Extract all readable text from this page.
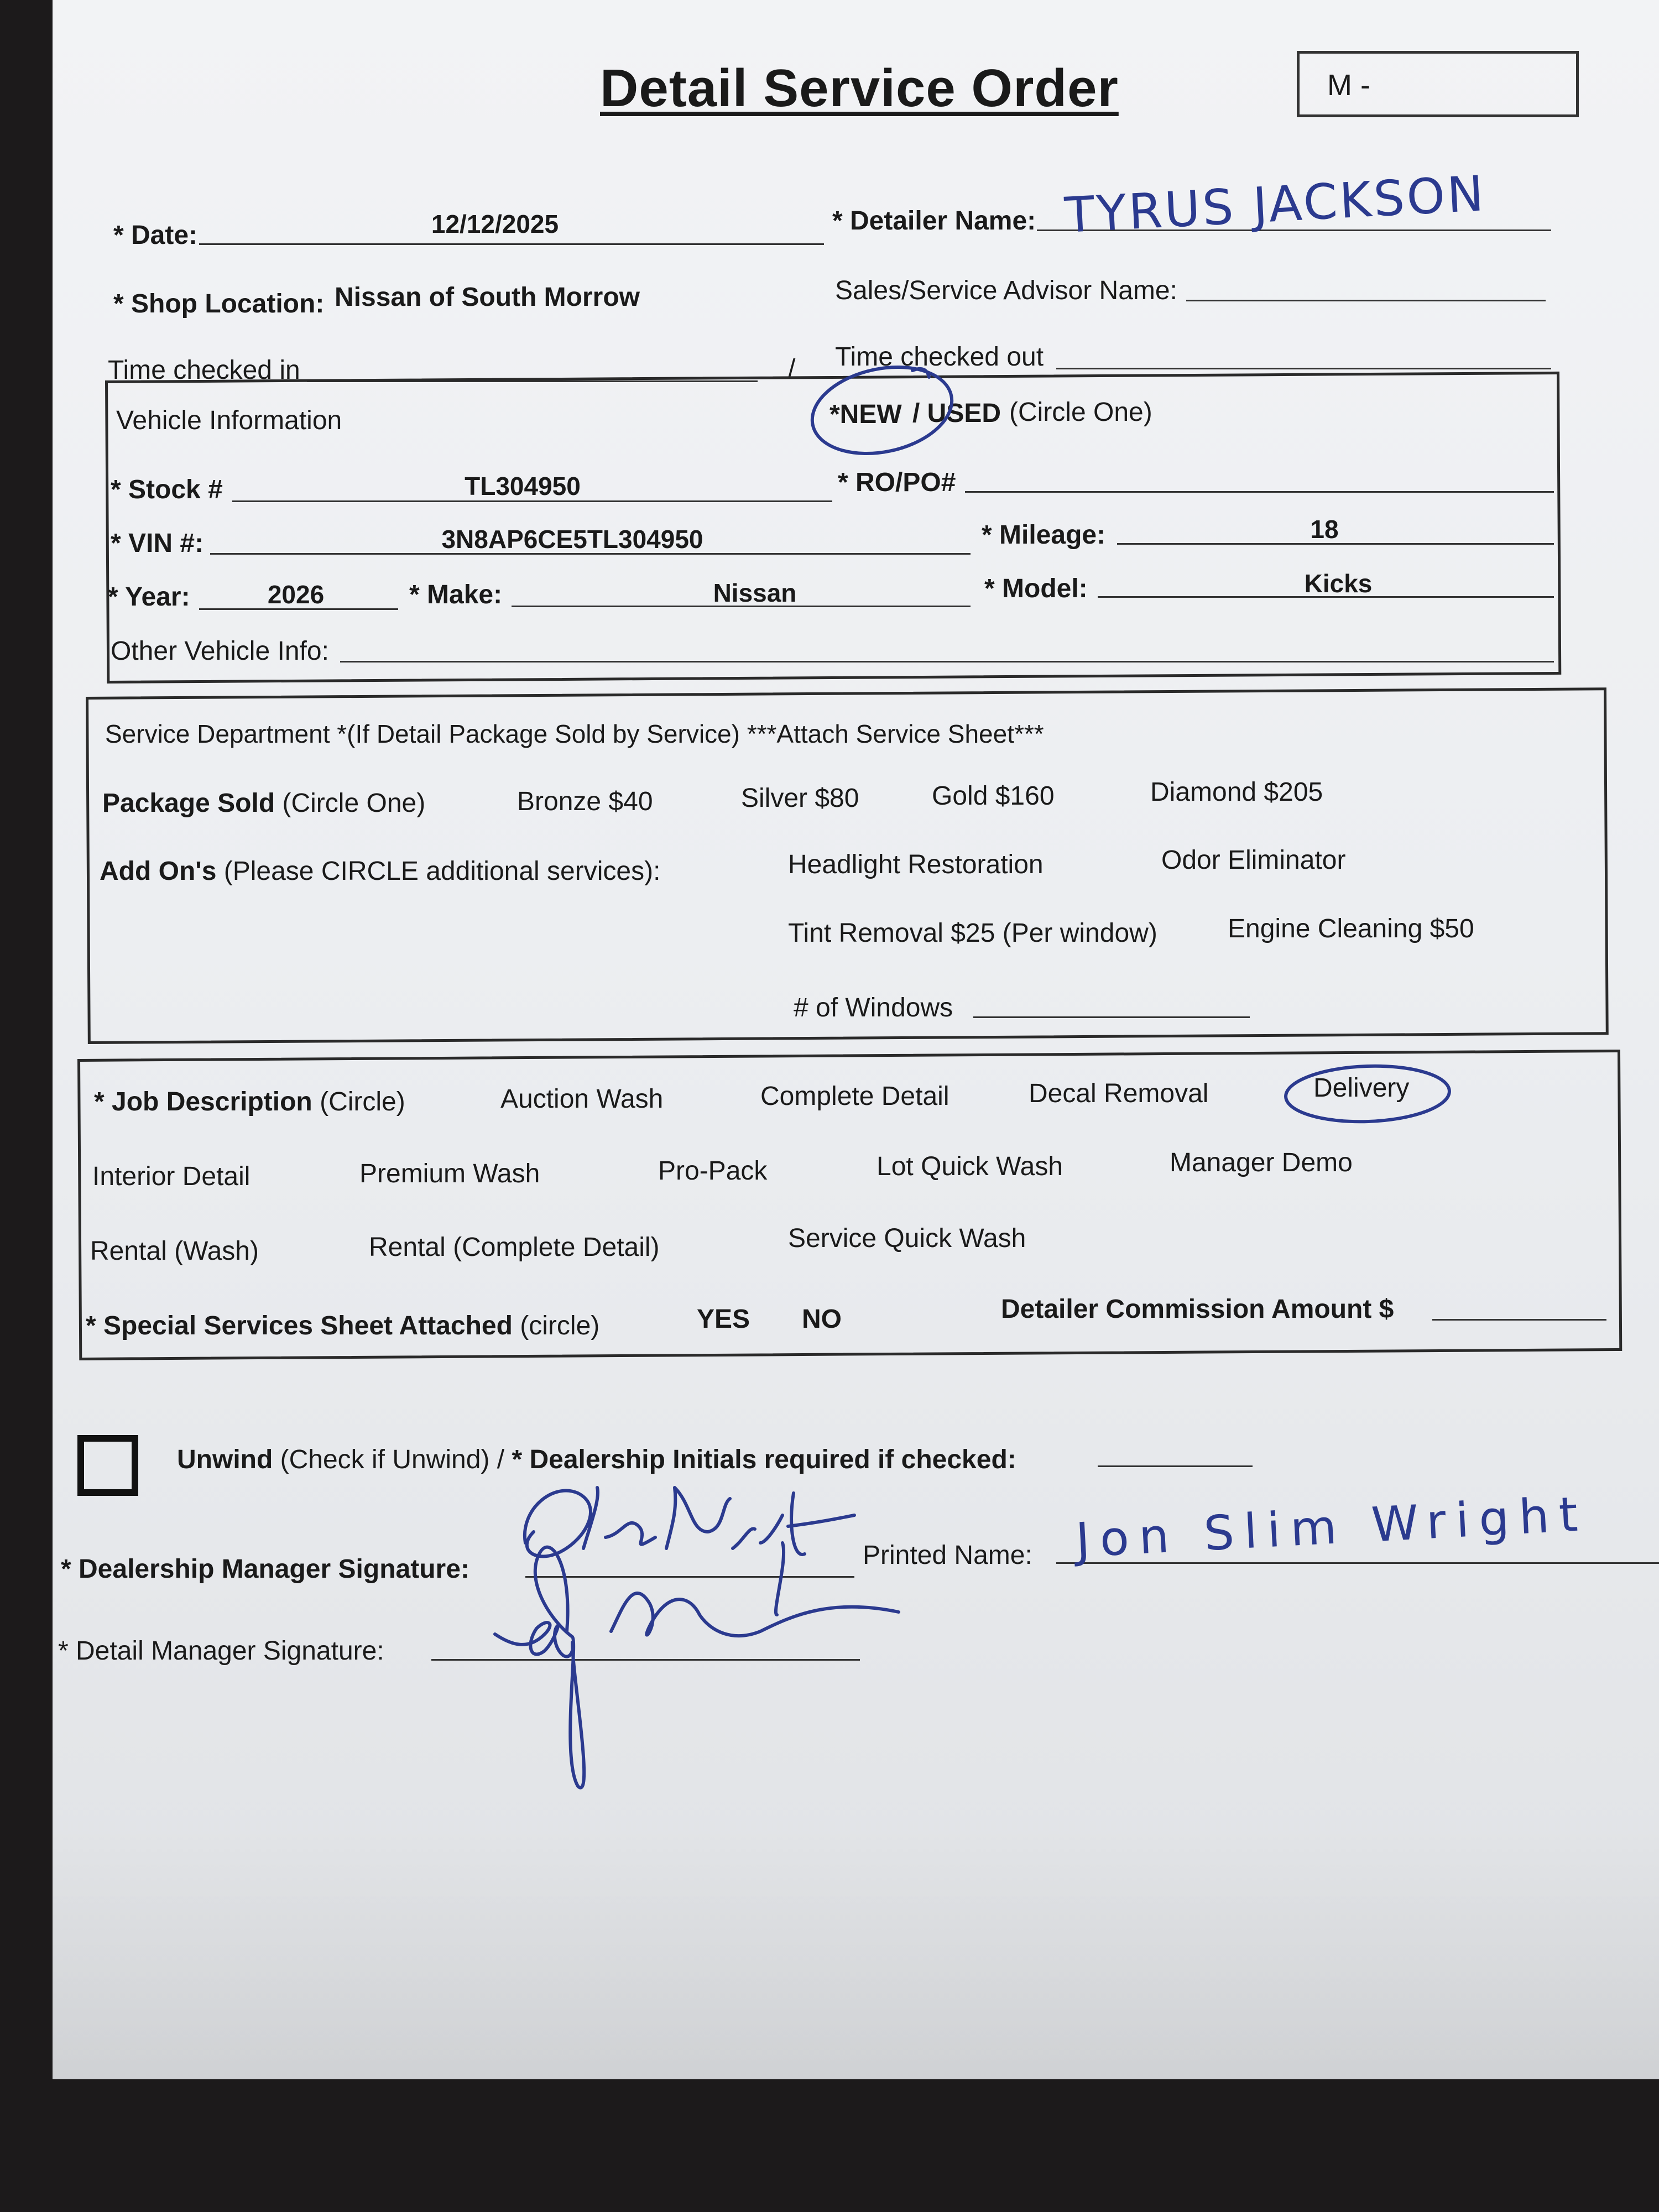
Detail Service Order	M -
* Date:	12/12/2025	* Detailer Name: TYRUS JACKSON
* Shop Location: Nissan of South Morrow	Sales/Service Advisor Name:
Time checked in	/ Time checked out
Vehicle Information	*NEW / USED (Circle One)
* Stock #	TL304950	* RO/PO#
* VIN #:	3N8AP6CE5TL304950	* Mileage:	18
* Year:	2026	* Make:	Nissan	* Model:	Kicks
Other Vehicle Info:
Service Department *(If Detail Package Sold by Service) ***Attach Service Sheet***
Package Sold (Circle One)	Bronze $40	Silver $80	Gold $160	Diamond $205
Add On's (Please CIRCLE additional services):	Headlight Restoration	Odor Eliminator
Tint Removal $25 (Per window)	Engine Cleaning $50
# of Windows
* Job Description (Circle)	Auction Wash	Complete Detail	Decal Removal	Delivery
Interior Detail	Premium Wash	Pro-Pack	Lot Quick Wash	Manager Demo
Rental (Wash)	Rental (Complete Detail)	Service Quick Wash
* Special Services Sheet Attached (circle)	YES NO	Detailer Commission Amount $
Unwind (Check if Unwind) / * Dealership Initials required if checked:
* Dealership Manager Signature:	Printed Name: Jon Slim Wright
* Detail Manager Signature:
